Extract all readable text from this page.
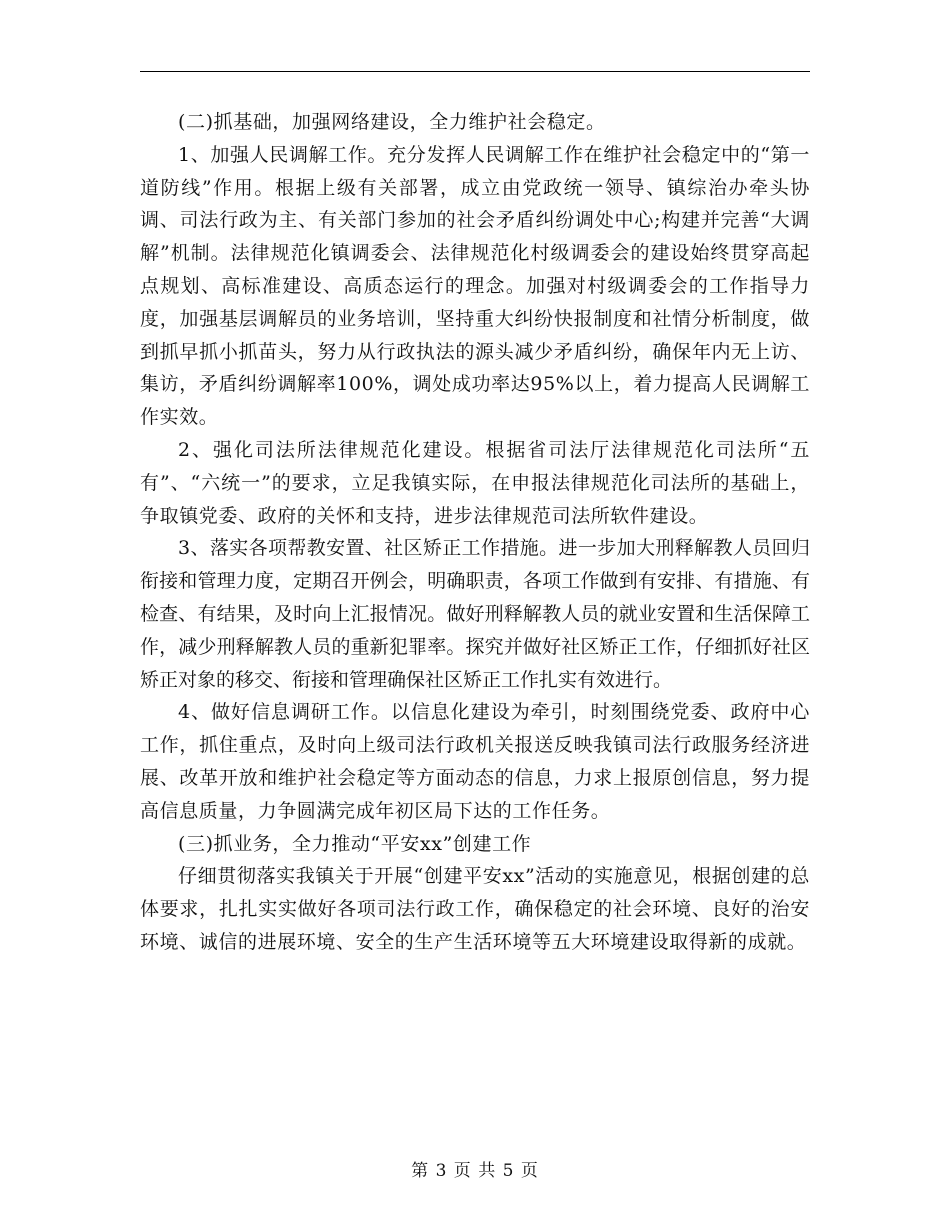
(二)抓基础，加强网络建设，全力维护社会稳定。

1、加强人民调解工作。充分发挥人民调解工作在维护社会稳定中的“第一道防线”作用。根据上级有关部署，成立由党政统一领导、镇综治办牵头协调、司法行政为主、有关部门参加的社会矛盾纠纷调处中心;构建并完善“大调解”机制。法律规范化镇调委会、法律规范化村级调委会的建设始终贯穿高起点规划、高标准建设、高质态运行的理念。加强对村级调委会的工作指导力度，加强基层调解员的业务培训，坚持重大纠纷快报制度和社情分析制度，做到抓早抓小抓苗头，努力从行政执法的源头减少矛盾纠纷，确保年内无上访、集访，矛盾纠纷调解率100%，调处成功率达95%以上，着力提高人民调解工作实效。

2、强化司法所法律规范化建设。根据省司法厅法律规范化司法所“五有”、“六统一”的要求，立足我镇实际，在申报法律规范化司法所的基础上，争取镇党委、政府的关怀和支持，进步法律规范司法所软件建设。

3、落实各项帮教安置、社区矫正工作措施。进一步加大刑释解教人员回归衔接和管理力度，定期召开例会，明确职责，各项工作做到有安排、有措施、有检查、有结果，及时向上汇报情况。做好刑释解教人员的就业安置和生活保障工作，减少刑释解教人员的重新犯罪率。探究并做好社区矫正工作，仔细抓好社区矫正对象的移交、衔接和管理确保社区矫正工作扎实有效进行。

4、做好信息调研工作。以信息化建设为牵引，时刻围绕党委、政府中心工作，抓住重点，及时向上级司法行政机关报送反映我镇司法行政服务经济进展、改革开放和维护社会稳定等方面动态的信息，力求上报原创信息，努力提高信息质量，力争圆满完成年初区局下达的工作任务。

(三)抓业务，全力推动“平安xx”创建工作

仔细贯彻落实我镇关于开展“创建平安xx”活动的实施意见，根据创建的总体要求，扎扎实实做好各项司法行政工作，确保稳定的社会环境、良好的治安环境、诚信的进展环境、安全的生产生活环境等五大环境建设取得新的成就。

第 3 页 共 5 页
